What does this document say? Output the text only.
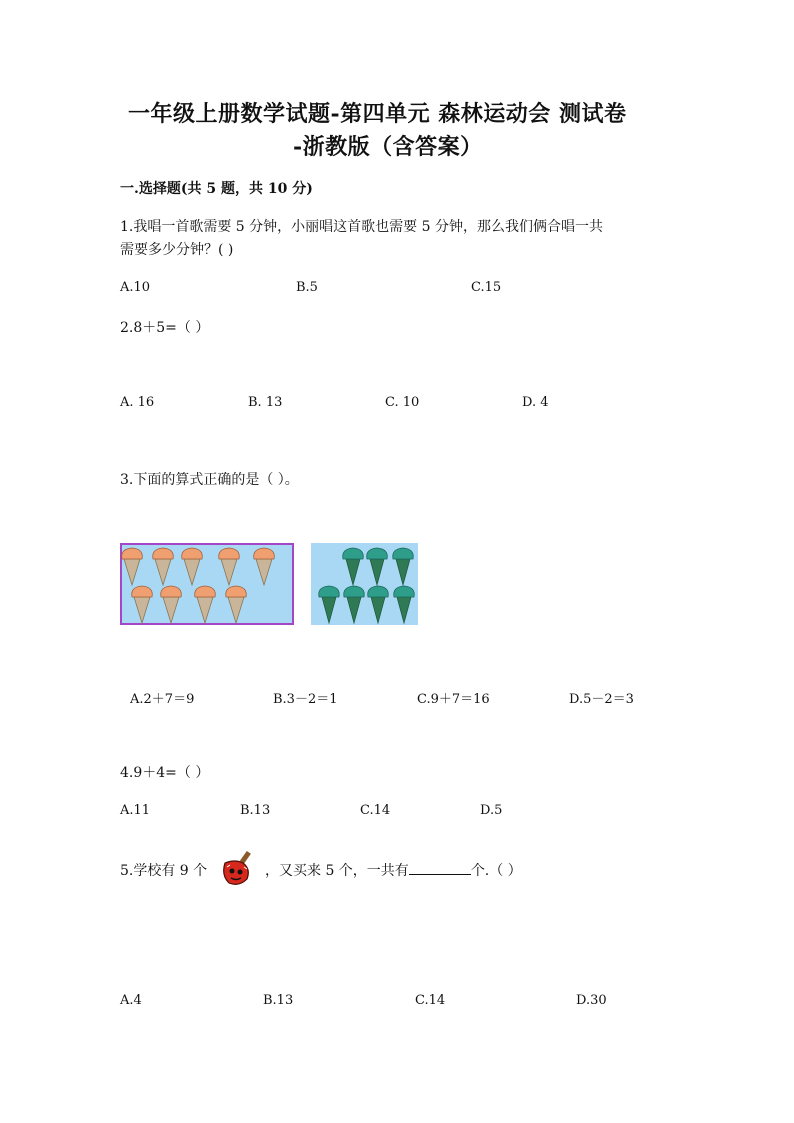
一年级上册数学试题-第四单元 森林运动会 测试卷
-浙教版（含答案）
一.选择题(共 5 题，共 10 分)
1.我唱一首歌需要 5 分钟，小丽唱这首歌也需要 5 分钟，那么我们俩合唱一共
需要多少分钟？( )
A.10	B.5	C.15
2.8＋5=（ ）
A. 16	B. 13	C. 10	D. 4
3.下面的算式正确的是（ ）。
A.2＋7＝9	B.3－2＝1	C.9＋7＝16	D.5－2＝3
4.9＋4=（ ）
A.11	B.13	C.14	D.5
5.学校有 9 个	，又买来 5 个，一共有	个.（ ）
A.4	B.13	C.14	D.30
